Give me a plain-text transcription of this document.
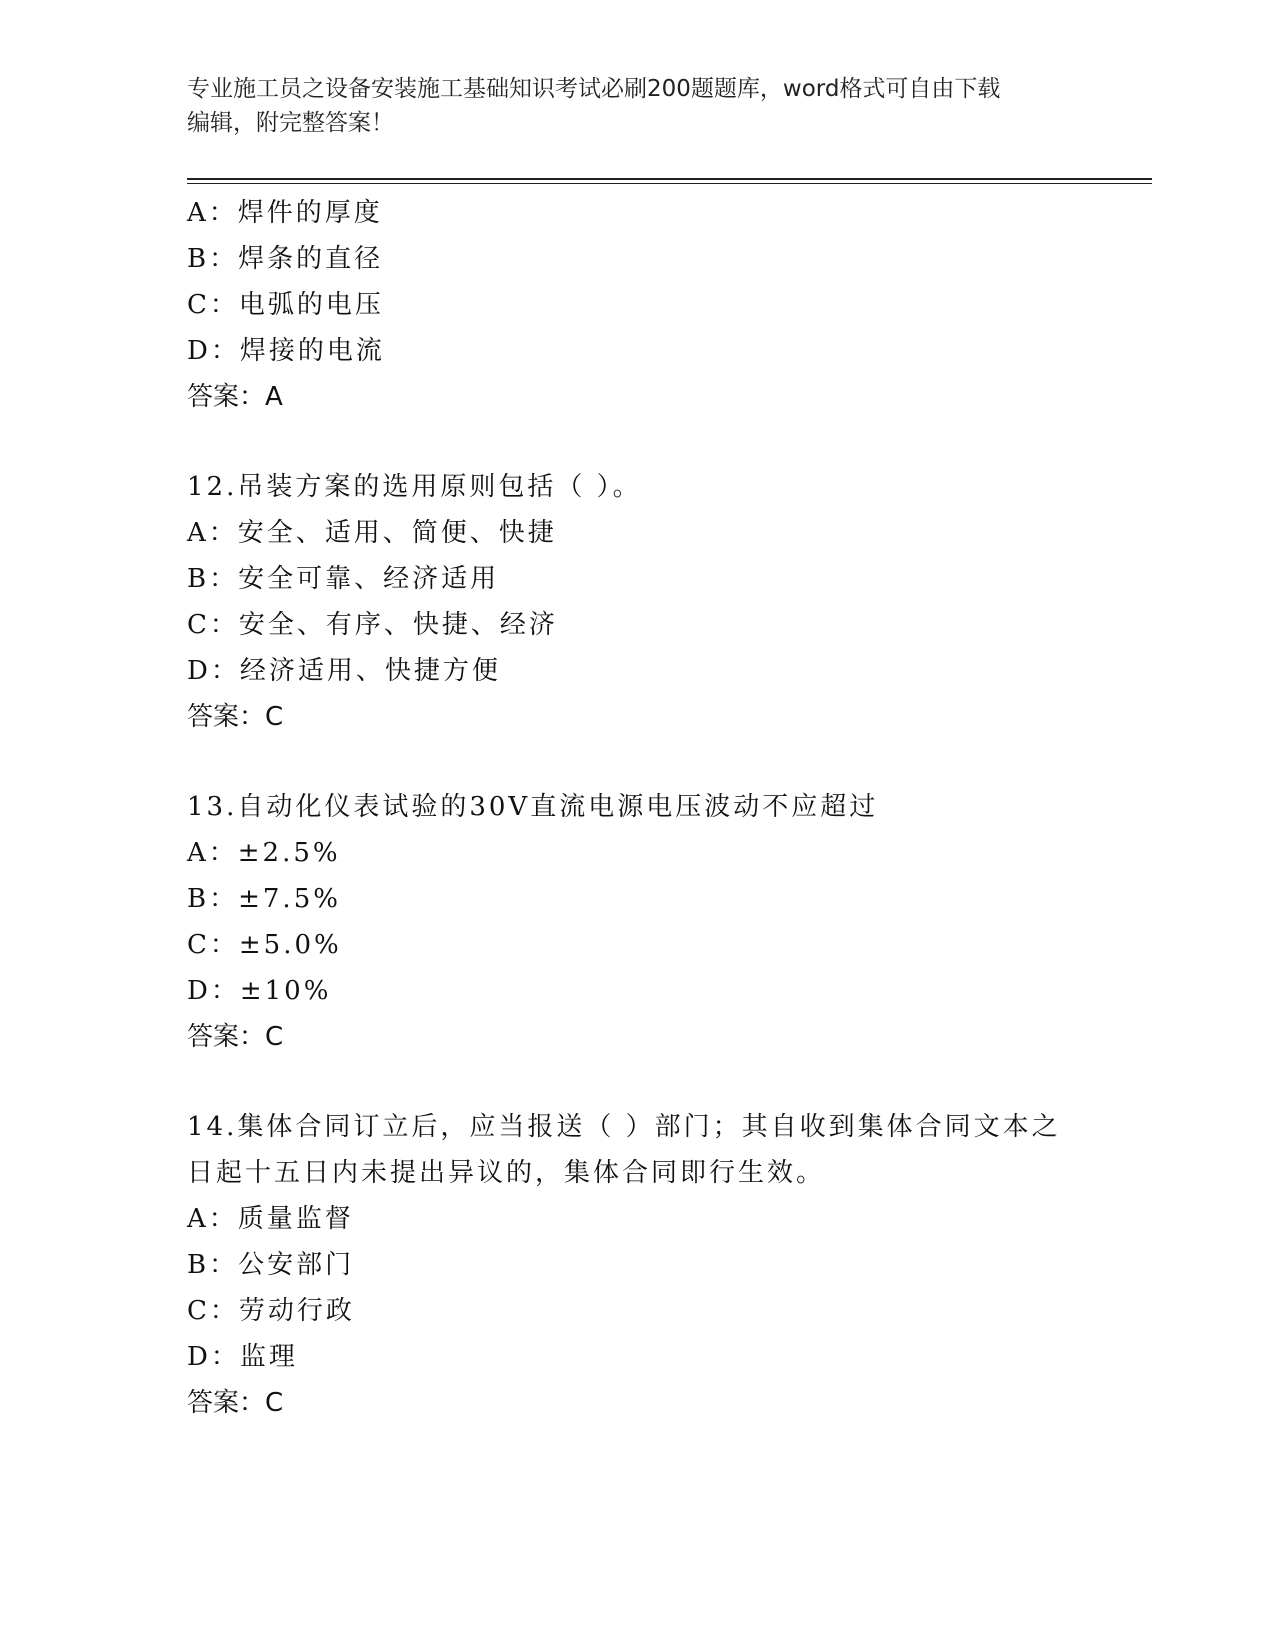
专业施工员之设备安装施工基础知识考试必刷200题题库，word格式可自由下载
编辑，附完整答案！
A：焊件的厚度
B：焊条的直径
C：电弧的电压
D：焊接的电流
答案：A
12.吊装方案的选用原则包括（ ）。
A：安全、适用、简便、快捷
B：安全可靠、经济适用
C：安全、有序、快捷、经济
D：经济适用、快捷方便
答案：C
13.自动化仪表试验的30V直流电源电压波动不应超过
A：±2.5%
B：±7.5%
C：±5.0%
D：±10%
答案：C
14.集体合同订立后，应当报送（ ）部门；其自收到集体合同文本之
日起十五日内未提出异议的，集体合同即行生效。
A：质量监督
B：公安部门
C：劳动行政
D：监理
答案：C
